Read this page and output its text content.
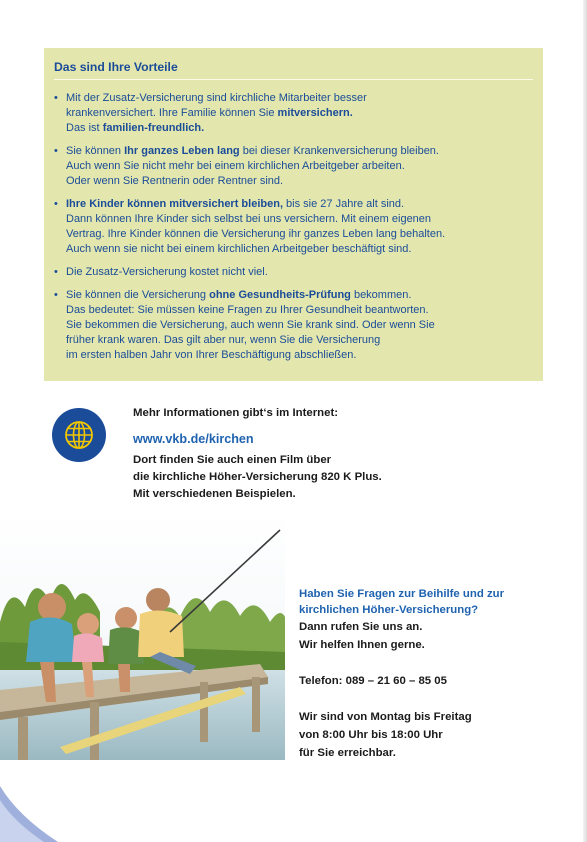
Das sind Ihre Vorteile
• Mit der Zusatz-Versicherung sind kirchliche Mitarbeiter besser
krankenversichert. Ihre Familie können Sie mitversichern.
Das ist familien-freundlich.
• Sie können Ihr ganzes Leben lang bei dieser Krankenversicherung bleiben.
Auch wenn Sie nicht mehr bei einem kirchlichen Arbeitgeber arbeiten.
Oder wenn Sie Rentnerin oder Rentner sind.
• Ihre Kinder können mitversichert bleiben, bis sie 27 Jahre alt sind.
Dann können Ihre Kinder sich selbst bei uns versichern. Mit einem eigenen
Vertrag. Ihre Kinder können die Versicherung ihr ganzes Leben lang behalten.
Auch wenn sie nicht bei einem kirchlichen Arbeitgeber beschäftigt sind.
• Die Zusatz-Versicherung kostet nicht viel.
• Sie können die Versicherung ohne Gesundheits-Prüfung bekommen.
Das bedeutet: Sie müssen keine Fragen zu Ihrer Gesundheit beantworten.
Sie bekommen die Versicherung, auch wenn Sie krank sind. Oder wenn Sie
früher krank waren. Das gilt aber nur, wenn Sie die Versicherung
im ersten halben Jahr von Ihrer Beschäftigung abschließen.
Mehr Informationen gibt‘s im Internet:
www.vkb.de/kirchen
Dort finden Sie auch einen Film über
die kirchliche Höher-Versicherung 820 K Plus.
Mit verschiedenen Beispielen.
Haben Sie Fragen zur Beihilfe und zur
kirchlichen Höher-Versicherung?
Dann rufen Sie uns an.
Wir helfen Ihnen gerne.
Telefon: 089 – 21 60 – 85 05
Wir sind von Montag bis Freitag
von 8:00 Uhr bis 18:00 Uhr
für Sie erreichbar.
